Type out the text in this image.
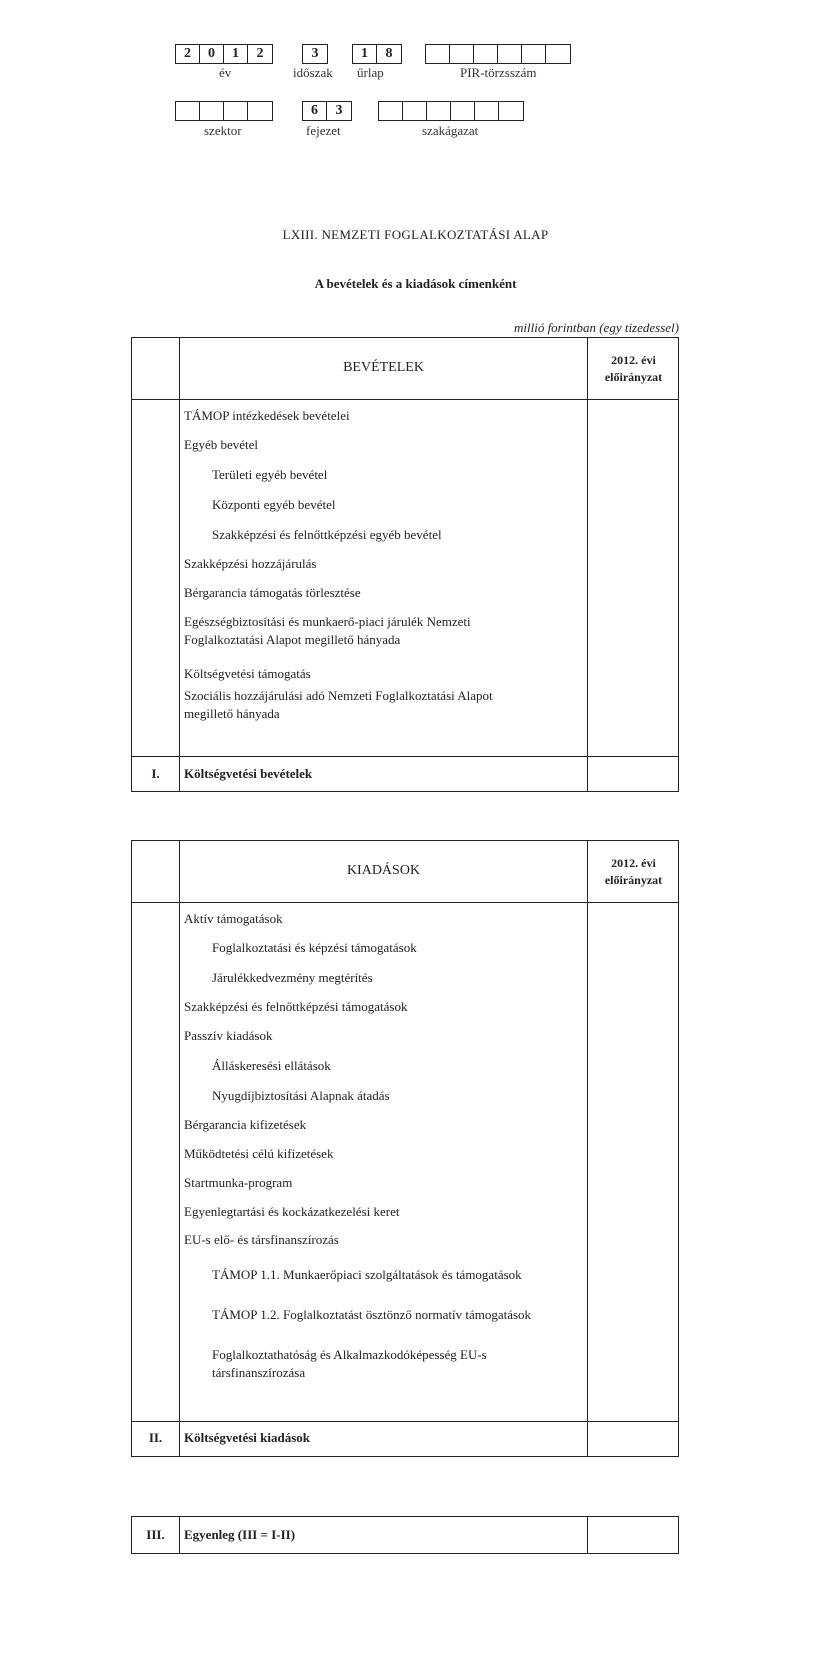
2	0	1	2
év
3
időszak
1	8
űrlap	PIR-törzsszám
szektor
6	3
fejezet	szakágazat
LXIII. NEMZETI FOGLALKOZTATÁSI ALAP
A bevételek és a kiadások címenként
millió forintban (egy tizedessel)
BEVÉTELEK	2012. évi
előirányzat
TÁMOP intézkedések bevételei
Egyéb bevétel
Területi egyéb bevétel
Központi egyéb bevétel
Szakképzési és felnőttképzési egyéb bevétel
Szakképzési hozzájárulás
Bérgarancia támogatás törlesztése
Egészségbiztosítási és munkaerő-piaci járulék Nemzeti Foglalkoztatási Alapot megillető hányada
Költségvetési támogatás
Szociális hozzájárulási adó Nemzeti Foglalkoztatási Alapot megillető hányada
I.	Költségvetési bevételek
KIADÁSOK	2012. évi
előirányzat
Aktív támogatások
Foglalkoztatási és képzési támogatások
Járulékkedvezmény megtérítés
Szakképzési és felnőttképzési támogatások
Passzív kiadások
Álláskeresési ellátások
Nyugdíjbiztosítási Alapnak átadás
Bérgarancia kifizetések
Működtetési célú kifizetések
Startmunka-program
Egyenlegtartási és kockázatkezelési keret
EU-s elő- és társfinanszírozás
TÁMOP 1.1. Munkaerőpiaci szolgáltatások és támogatások
TÁMOP 1.2. Foglalkoztatást ösztönző normatív támogatások
Foglalkoztathatóság és Alkalmazkodóképesség EU-s társfinanszírozása
II.	Költségvetési kiadások
III.	Egyenleg (III = I-II)
